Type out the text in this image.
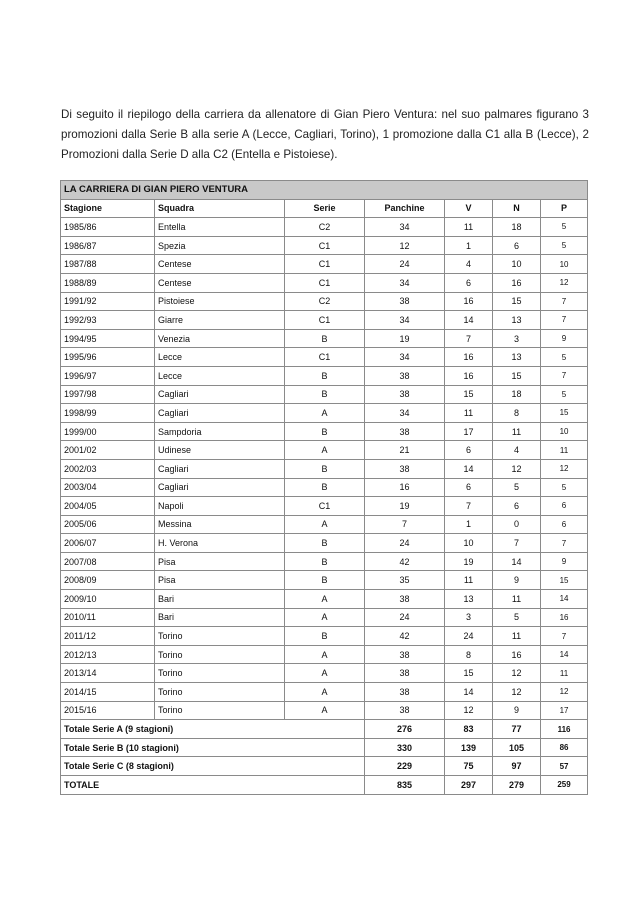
Di seguito il riepilogo della carriera da allenatore di Gian Piero Ventura: nel suo palmares figurano 3 promozioni dalla Serie B alla serie A (Lecce, Cagliari, Torino), 1 promozione dalla C1 alla B (Lecce), 2 Promozioni dalla Serie D alla C2 (Entella e Pistoiese).

LA CARRIERA DI GIAN PIERO VENTURA						
Stagione	Squadra	Serie	Panchine	V	N	P
1985/86	Entella	C2	34	11	18	5
1986/87	Spezia	C1	12	1	6	5
1987/88	Centese	C1	24	4	10	10
1988/89	Centese	C1	34	6	16	12
1991/92	Pistoiese	C2	38	16	15	7
1992/93	Giarre	C1	34	14	13	7
1994/95	Venezia	B	19	7	3	9
1995/96	Lecce	C1	34	16	13	5
1996/97	Lecce	B	38	16	15	7
1997/98	Cagliari	B	38	15	18	5
1998/99	Cagliari	A	34	11	8	15
1999/00	Sampdoria	B	38	17	11	10
2001/02	Udinese	A	21	6	4	11
2002/03	Cagliari	B	38	14	12	12
2003/04	Cagliari	B	16	6	5	5
2004/05	Napoli	C1	19	7	6	6
2005/06	Messina	A	7	1	0	6
2006/07	H. Verona	B	24	10	7	7
2007/08	Pisa	B	42	19	14	9
2008/09	Pisa	B	35	11	9	15
2009/10	Bari	A	38	13	11	14
2010/11	Bari	A	24	3	5	16
2011/12	Torino	B	42	24	11	7
2012/13	Torino	A	38	8	16	14
2013/14	Torino	A	38	15	12	11
2014/15	Torino	A	38	14	12	12
2015/16	Torino	A	38	12	9	17
Totale Serie A (9 stagioni)			276	83	77	116
Totale Serie B (10 stagioni)			330	139	105	86
Totale Serie C (8 stagioni)			229	75	97	57
TOTALE			835	297	279	259
